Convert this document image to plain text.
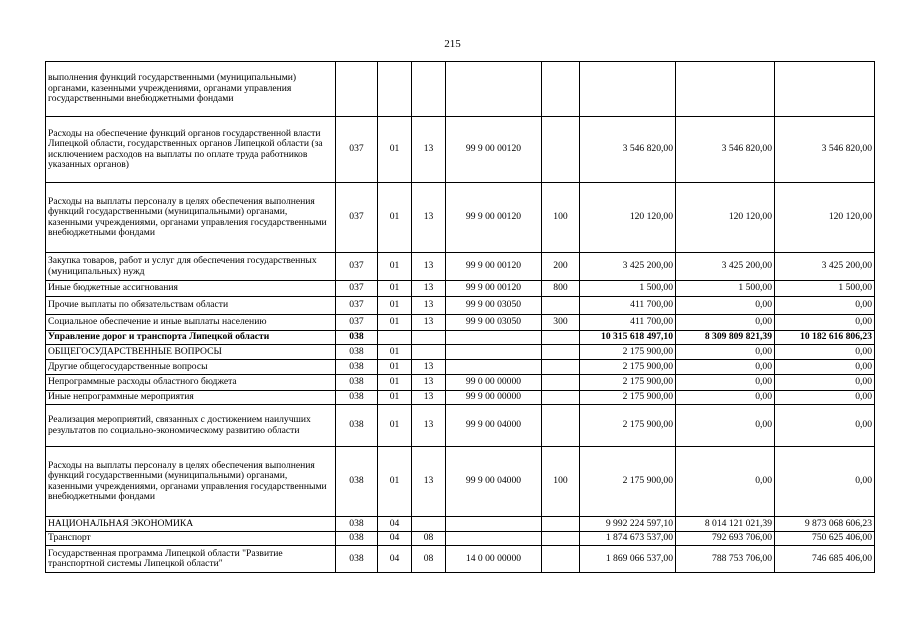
215
выполнения функций государственными (муниципальными) органами, казенными учреждениями, органами управления государственными внебюджетными фондами								
Расходы на обеспечение функций органов государственной власти Липецкой области, государственных органов Липецкой области (за исключением расходов на выплаты по оплате труда работников указанных органов)	037	01	13	99 9 00 00120		3 546 820,00	3 546 820,00	3 546 820,00
Расходы на выплаты персоналу в целях обеспечения выполнения функций государственными (муниципальными) органами, казенными учреждениями, органами управления государственными внебюджетными фондами	037	01	13	99 9 00 00120	100	120 120,00	120 120,00	120 120,00
Закупка товаров, работ и услуг для обеспечения государственных (муниципальных) нужд	037	01	13	99 9 00 00120	200	3 425 200,00	3 425 200,00	3 425 200,00
Иные бюджетные ассигнования	037	01	13	99 9 00 00120	800	1 500,00	1 500,00	1 500,00
Прочие выплаты по обязательствам области	037	01	13	99 9 00 03050		411 700,00	0,00	0,00
Социальное обеспечение и иные выплаты населению	037	01	13	99 9 00 03050	300	411 700,00	0,00	0,00
Управление дорог и транспорта Липецкой области	038					10 315 618 497,10	8 309 809 821,39	10 182 616 806,23
ОБЩЕГОСУДАРСТВЕННЫЕ ВОПРОСЫ	038	01				2 175 900,00	0,00	0,00
Другие общегосударственные вопросы	038	01	13			2 175 900,00	0,00	0,00
Непрограммные расходы областного бюджета	038	01	13	99 0 00 00000		2 175 900,00	0,00	0,00
Иные непрограммные мероприятия	038	01	13	99 9 00 00000		2 175 900,00	0,00	0,00
Реализация мероприятий, связанных с достижением наилучших результатов по социально-экономическому развитию области	038	01	13	99 9 00 04000		2 175 900,00	0,00	0,00
Расходы на выплаты персоналу в целях обеспечения выполнения функций государственными (муниципальными) органами, казенными учреждениями, органами управления государственными внебюджетными фондами	038	01	13	99 9 00 04000	100	2 175 900,00	0,00	0,00
НАЦИОНАЛЬНАЯ ЭКОНОМИКА	038	04				9 992 224 597,10	8 014 121 021,39	9 873 068 606,23
Транспорт	038	04	08			1 874 673 537,00	792 693 706,00	750 625 406,00
Государственная программа Липецкой области "Развитие транспортной системы Липецкой области"	038	04	08	14 0 00 00000		1 869 066 537,00	788 753 706,00	746 685 406,00
